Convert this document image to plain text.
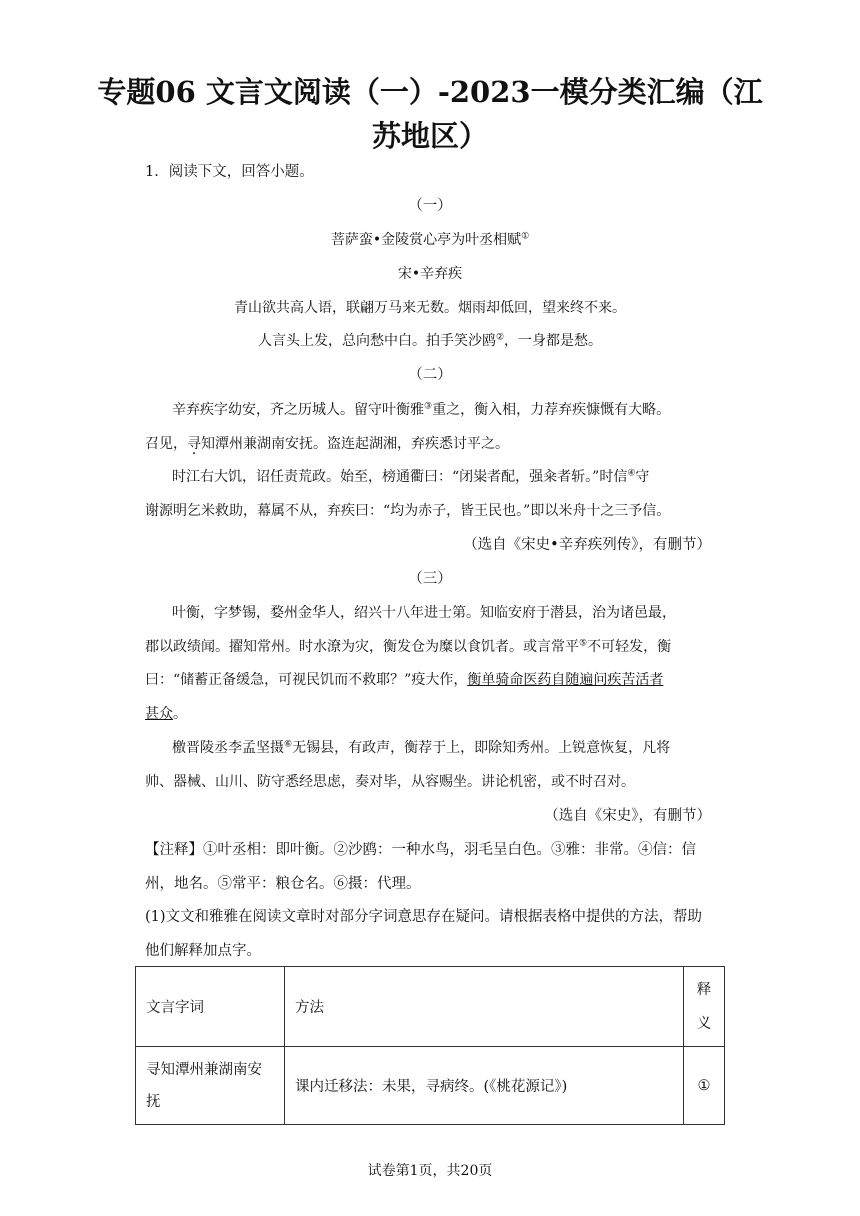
专题06 文言文阅读（一）-2023一模分类汇编（江
苏地区）
1．阅读下文，回答小题。
（一）
菩萨蛮•金陵赏心亭为叶丞相赋①
宋•辛弃疾
青山欲共高人语，联翩万马来无数。烟雨却低回，望来终不来。
人言头上发，总向愁中白。拍手笑沙鸥②，一身都是愁。
（二）
辛弃疾字幼安，齐之历城人。留守叶衡雅③重之，衡入相，力荐弃疾慷慨有大略。
召见，寻知潭州兼湖南安抚。盗连起湖湘，弃疾悉讨平之。
时江右大饥，诏任责荒政。始至，榜通衢曰：“闭粜者配，强籴者斩。”时信④守
谢源明乞米救助，幕属不从，弃疾曰：“均为赤子，皆王民也。”即以米舟十之三予信。
（选自《宋史•辛弃疾列传》，有删节）
（三）
叶衡，字梦锡，婺州金华人，绍兴十八年进士第。知临安府于潜县，治为诸邑最，
郡以政绩闻。擢知常州。时水潦为灾，衡发仓为糜以食饥者。或言常平⑤不可轻发，衡
曰：“储蓄正备缓急，可视民饥而不救耶？”疫大作，衡单骑命医药自随遍问疾苦活者
甚众。
檄晋陵丞李孟坚摄⑥无锡县，有政声，衡荐于上，即除知秀州。上锐意恢复，凡将
帅、器械、山川、防守悉经思虑，奏对毕，从容赐坐。讲论机密，或不时召对。
（选自《宋史》，有删节）
【注释】①叶丞相：即叶衡。②沙鸥：一种水鸟，羽毛呈白色。③雅：非常。④信：信
州，地名。⑤常平：粮仓名。⑥摄：代理。
(1)文文和雅雅在阅读文章时对部分字词意思存在疑问。请根据表格中提供的方法，帮助
他们解释加点字。
文言字词	方法	释义
寻知潭州兼湖南安抚	课内迁移法：未果，寻病终。(《桃花源记》)	①
试卷第1页，共20页
